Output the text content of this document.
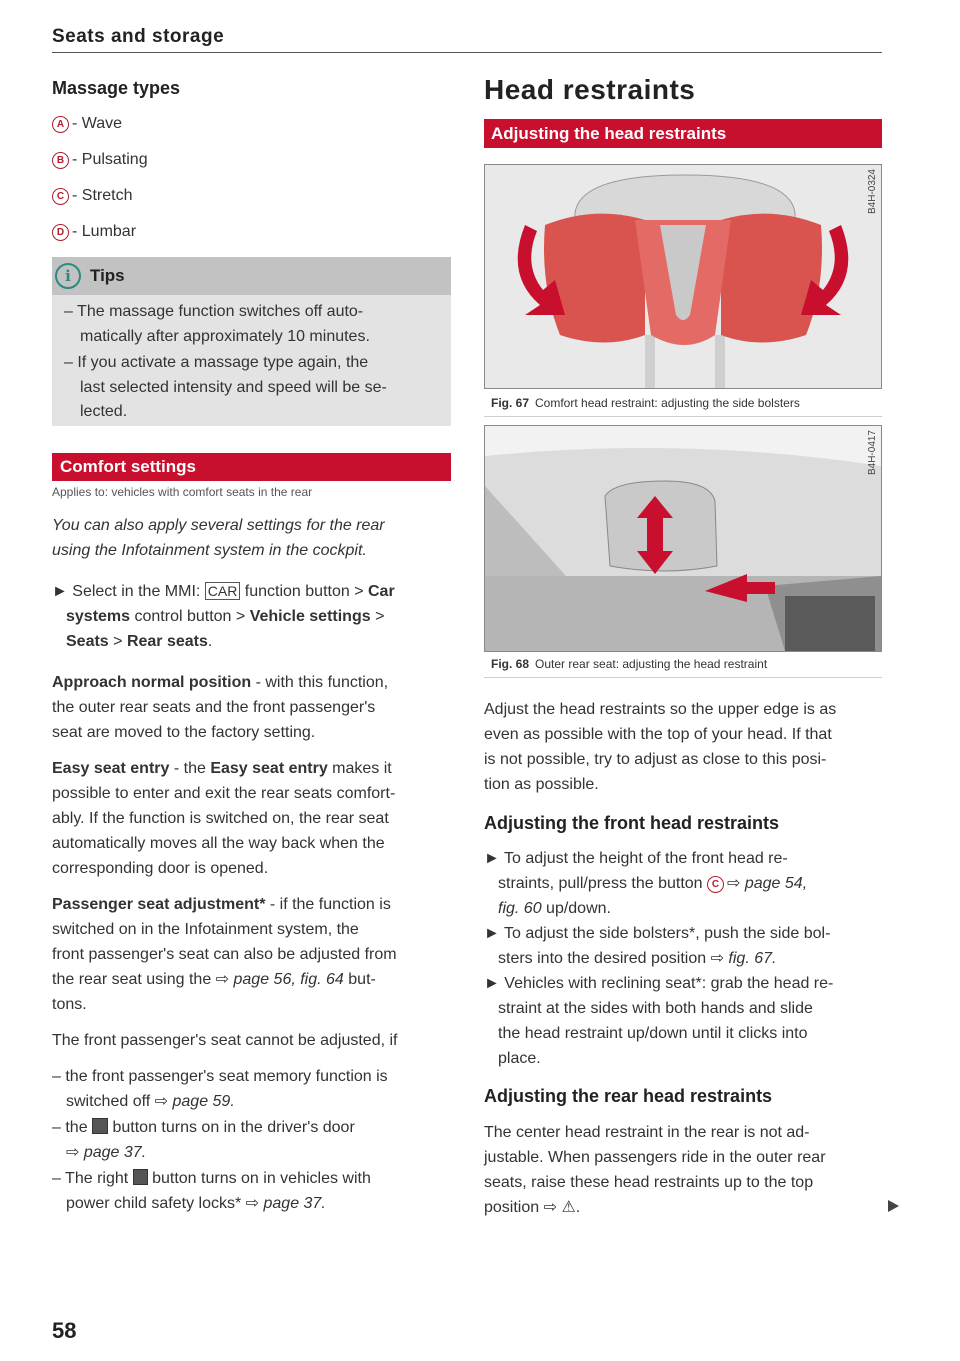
Seats and storage
Massage types
A - Wave
B - Pulsating
C - Stretch
D - Lumbar
i	Tips
– The massage function switches off auto-
matically after approximately 10 minutes.
– If you activate a massage type again, the
last selected intensity and speed will be se-
lected.
Comfort settings
Applies to: vehicles with comfort seats in the rear
You can also apply several settings for the rear
using the Infotainment system in the cockpit.
► Select in the MMI: CAR function button > Car
systems control button > Vehicle settings >
Seats > Rear seats.
Approach normal position - with this function,
the outer rear seats and the front passenger's
seat are moved to the factory setting.
Easy seat entry - the Easy seat entry makes it
possible to enter and exit the rear seats comfort-
ably. If the function is switched on, the rear seat
automatically moves all the way back when the
corresponding door is opened.
Passenger seat adjustment* - if the function is
switched on in the Infotainment system, the
front passenger's seat can also be adjusted from
the rear seat using the ⇨ page 56, fig. 64 but-
tons.
The front passenger's seat cannot be adjusted, if
– the front passenger's seat memory function is
switched off ⇨ page 59.
– the  button turns on in the driver's door
⇨ page 37.
– The right  button turns on in vehicles with
power child safety locks* ⇨ page 37.
Head restraints
Adjusting the head restraints
B4H-0324
Fig. 67 Comfort head restraint: adjusting the side bolsters
B4H-0417
Fig. 68 Outer rear seat: adjusting the head restraint
Adjust the head restraints so the upper edge is as
even as possible with the top of your head. If that
is not possible, try to adjust as close to this posi-
tion as possible.
Adjusting the front head restraints
► To adjust the height of the front head re-
straints, pull/press the button C ⇨ page 54,
fig. 60 up/down.
► To adjust the side bolsters*, push the side bol-
sters into the desired position ⇨ fig. 67.
► Vehicles with reclining seat*: grab the head re-
straint at the sides with both hands and slide
the head restraint up/down until it clicks into
place.
Adjusting the rear head restraints
The center head restraint in the rear is not ad-
justable. When passengers ride in the outer rear
seats, raise these head restraints up to the top
position ⇨ ⚠.
58
